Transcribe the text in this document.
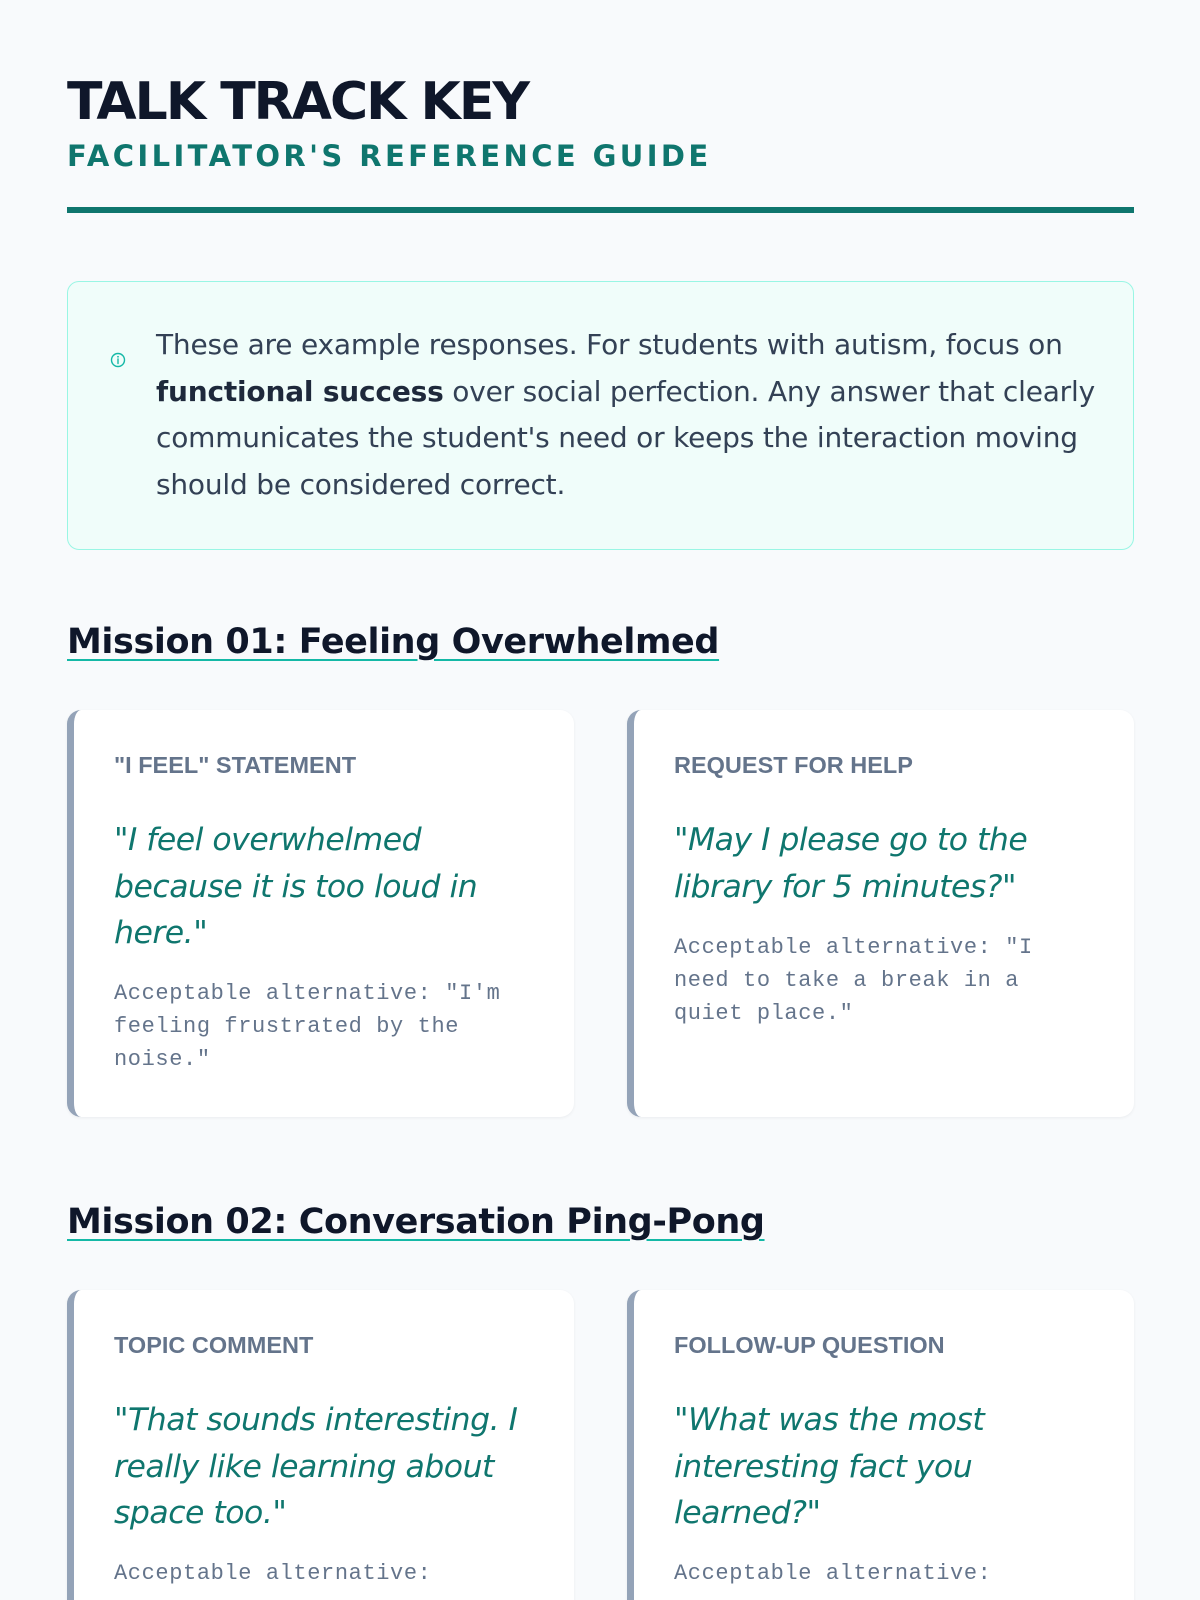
TALK TRACK KEY
FACILITATOR'S REFERENCE GUIDE

These are example responses. For students with autism, focus on functional success over social perfection. Any answer that clearly communicates the student's need or keeps the interaction moving should be considered correct.

Mission 01: Feeling Overwhelmed

"I FEEL" STATEMENT

"I feel overwhelmed because it is too loud in here."

Acceptable alternative: "I'm feeling frustrated by the noise."

REQUEST FOR HELP

"May I please go to the library for 5 minutes?"

Acceptable alternative: "I need to take a break in a quiet place."

Mission 02: Conversation Ping-Pong

TOPIC COMMENT

"That sounds interesting. I really like learning about space too."

Acceptable alternative:

FOLLOW-UP QUESTION

"What was the most interesting fact you learned?"

Acceptable alternative:
